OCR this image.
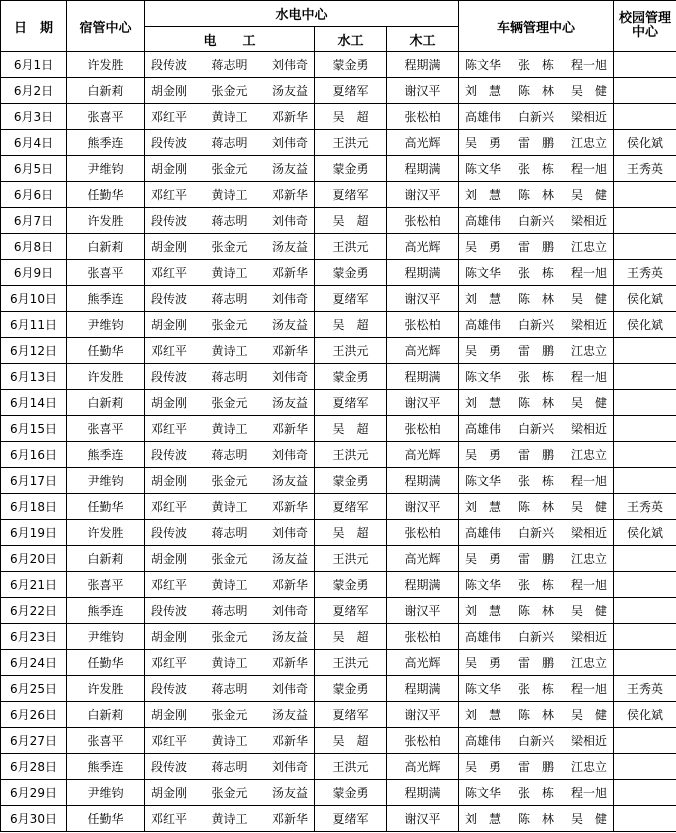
日　期	宿管中心	水电中心			车辆管理中心	校园管理
中心

		电　　工	水工	木工		
6月1日	许发胜	段传波 蒋志明 刘伟奇	蒙金勇	程期满	陈文华 张　栋 程一旭	

6月2日	白新莉	胡金刚 张金元 汤友益	夏绪军	谢汉平	刘　慧 陈　林 吴　健	

6月3日	张喜平	邓红平 黄诗工 邓新华	吴　超	张松柏	高雄伟 白新兴 梁相近	

6月4日	熊季连	段传波 蒋志明 刘伟奇	王洪元	高光辉	吴　勇 雷　鹏 江忠立	侯化斌
6月5日	尹维钧	胡金刚 张金元 汤友益	蒙金勇	程期满	陈文华 张　栋 程一旭	王秀英
6月6日	任勤华	邓红平 黄诗工 邓新华	夏绪军	谢汉平	刘　慧 陈　林 吴　健	

6月7日	许发胜	段传波 蒋志明 刘伟奇	吴　超	张松柏	高雄伟 白新兴 梁相近	

6月8日	白新莉	胡金刚 张金元 汤友益	王洪元	高光辉	吴　勇 雷　鹏 江忠立	

6月9日	张喜平	邓红平 黄诗工 邓新华	蒙金勇	程期满	陈文华 张　栋 程一旭	王秀英
6月10日	熊季连	段传波 蒋志明 刘伟奇	夏绪军	谢汉平	刘　慧 陈　林 吴　健	侯化斌
6月11日	尹维钧	胡金刚 张金元 汤友益	吴　超	张松柏	高雄伟 白新兴 梁相近	侯化斌
6月12日	任勤华	邓红平 黄诗工 邓新华	王洪元	高光辉	吴　勇 雷　鹏 江忠立	

6月13日	许发胜	段传波 蒋志明 刘伟奇	蒙金勇	程期满	陈文华 张　栋 程一旭	

6月14日	白新莉	胡金刚 张金元 汤友益	夏绪军	谢汉平	刘　慧 陈　林 吴　健	

6月15日	张喜平	邓红平 黄诗工 邓新华	吴　超	张松柏	高雄伟 白新兴 梁相近	

6月16日	熊季连	段传波 蒋志明 刘伟奇	王洪元	高光辉	吴　勇 雷　鹏 江忠立	

6月17日	尹维钧	胡金刚 张金元 汤友益	蒙金勇	程期满	陈文华 张　栋 程一旭	

6月18日	任勤华	邓红平 黄诗工 邓新华	夏绪军	谢汉平	刘　慧 陈　林 吴　健	王秀英
6月19日	许发胜	段传波 蒋志明 刘伟奇	吴　超	张松柏	高雄伟 白新兴 梁相近	侯化斌
6月20日	白新莉	胡金刚 张金元 汤友益	王洪元	高光辉	吴　勇 雷　鹏 江忠立	

6月21日	张喜平	邓红平 黄诗工 邓新华	蒙金勇	程期满	陈文华 张　栋 程一旭	

6月22日	熊季连	段传波 蒋志明 刘伟奇	夏绪军	谢汉平	刘　慧 陈　林 吴　健	

6月23日	尹维钧	胡金刚 张金元 汤友益	吴　超	张松柏	高雄伟 白新兴 梁相近	

6月24日	任勤华	邓红平 黄诗工 邓新华	王洪元	高光辉	吴　勇 雷　鹏 江忠立	

6月25日	许发胜	段传波 蒋志明 刘伟奇	蒙金勇	程期满	陈文华 张　栋 程一旭	王秀英
6月26日	白新莉	胡金刚 张金元 汤友益	夏绪军	谢汉平	刘　慧 陈　林 吴　健	侯化斌
6月27日	张喜平	邓红平 黄诗工 邓新华	吴　超	张松柏	高雄伟 白新兴 梁相近	

6月28日	熊季连	段传波 蒋志明 刘伟奇	王洪元	高光辉	吴　勇 雷　鹏 江忠立	

6月29日	尹维钧	胡金刚 张金元 汤友益	蒙金勇	程期满	陈文华 张　栋 程一旭	

6月30日	任勤华	邓红平 黄诗工 邓新华	夏绪军	谢汉平	刘　慧 陈　林 吴　健	
